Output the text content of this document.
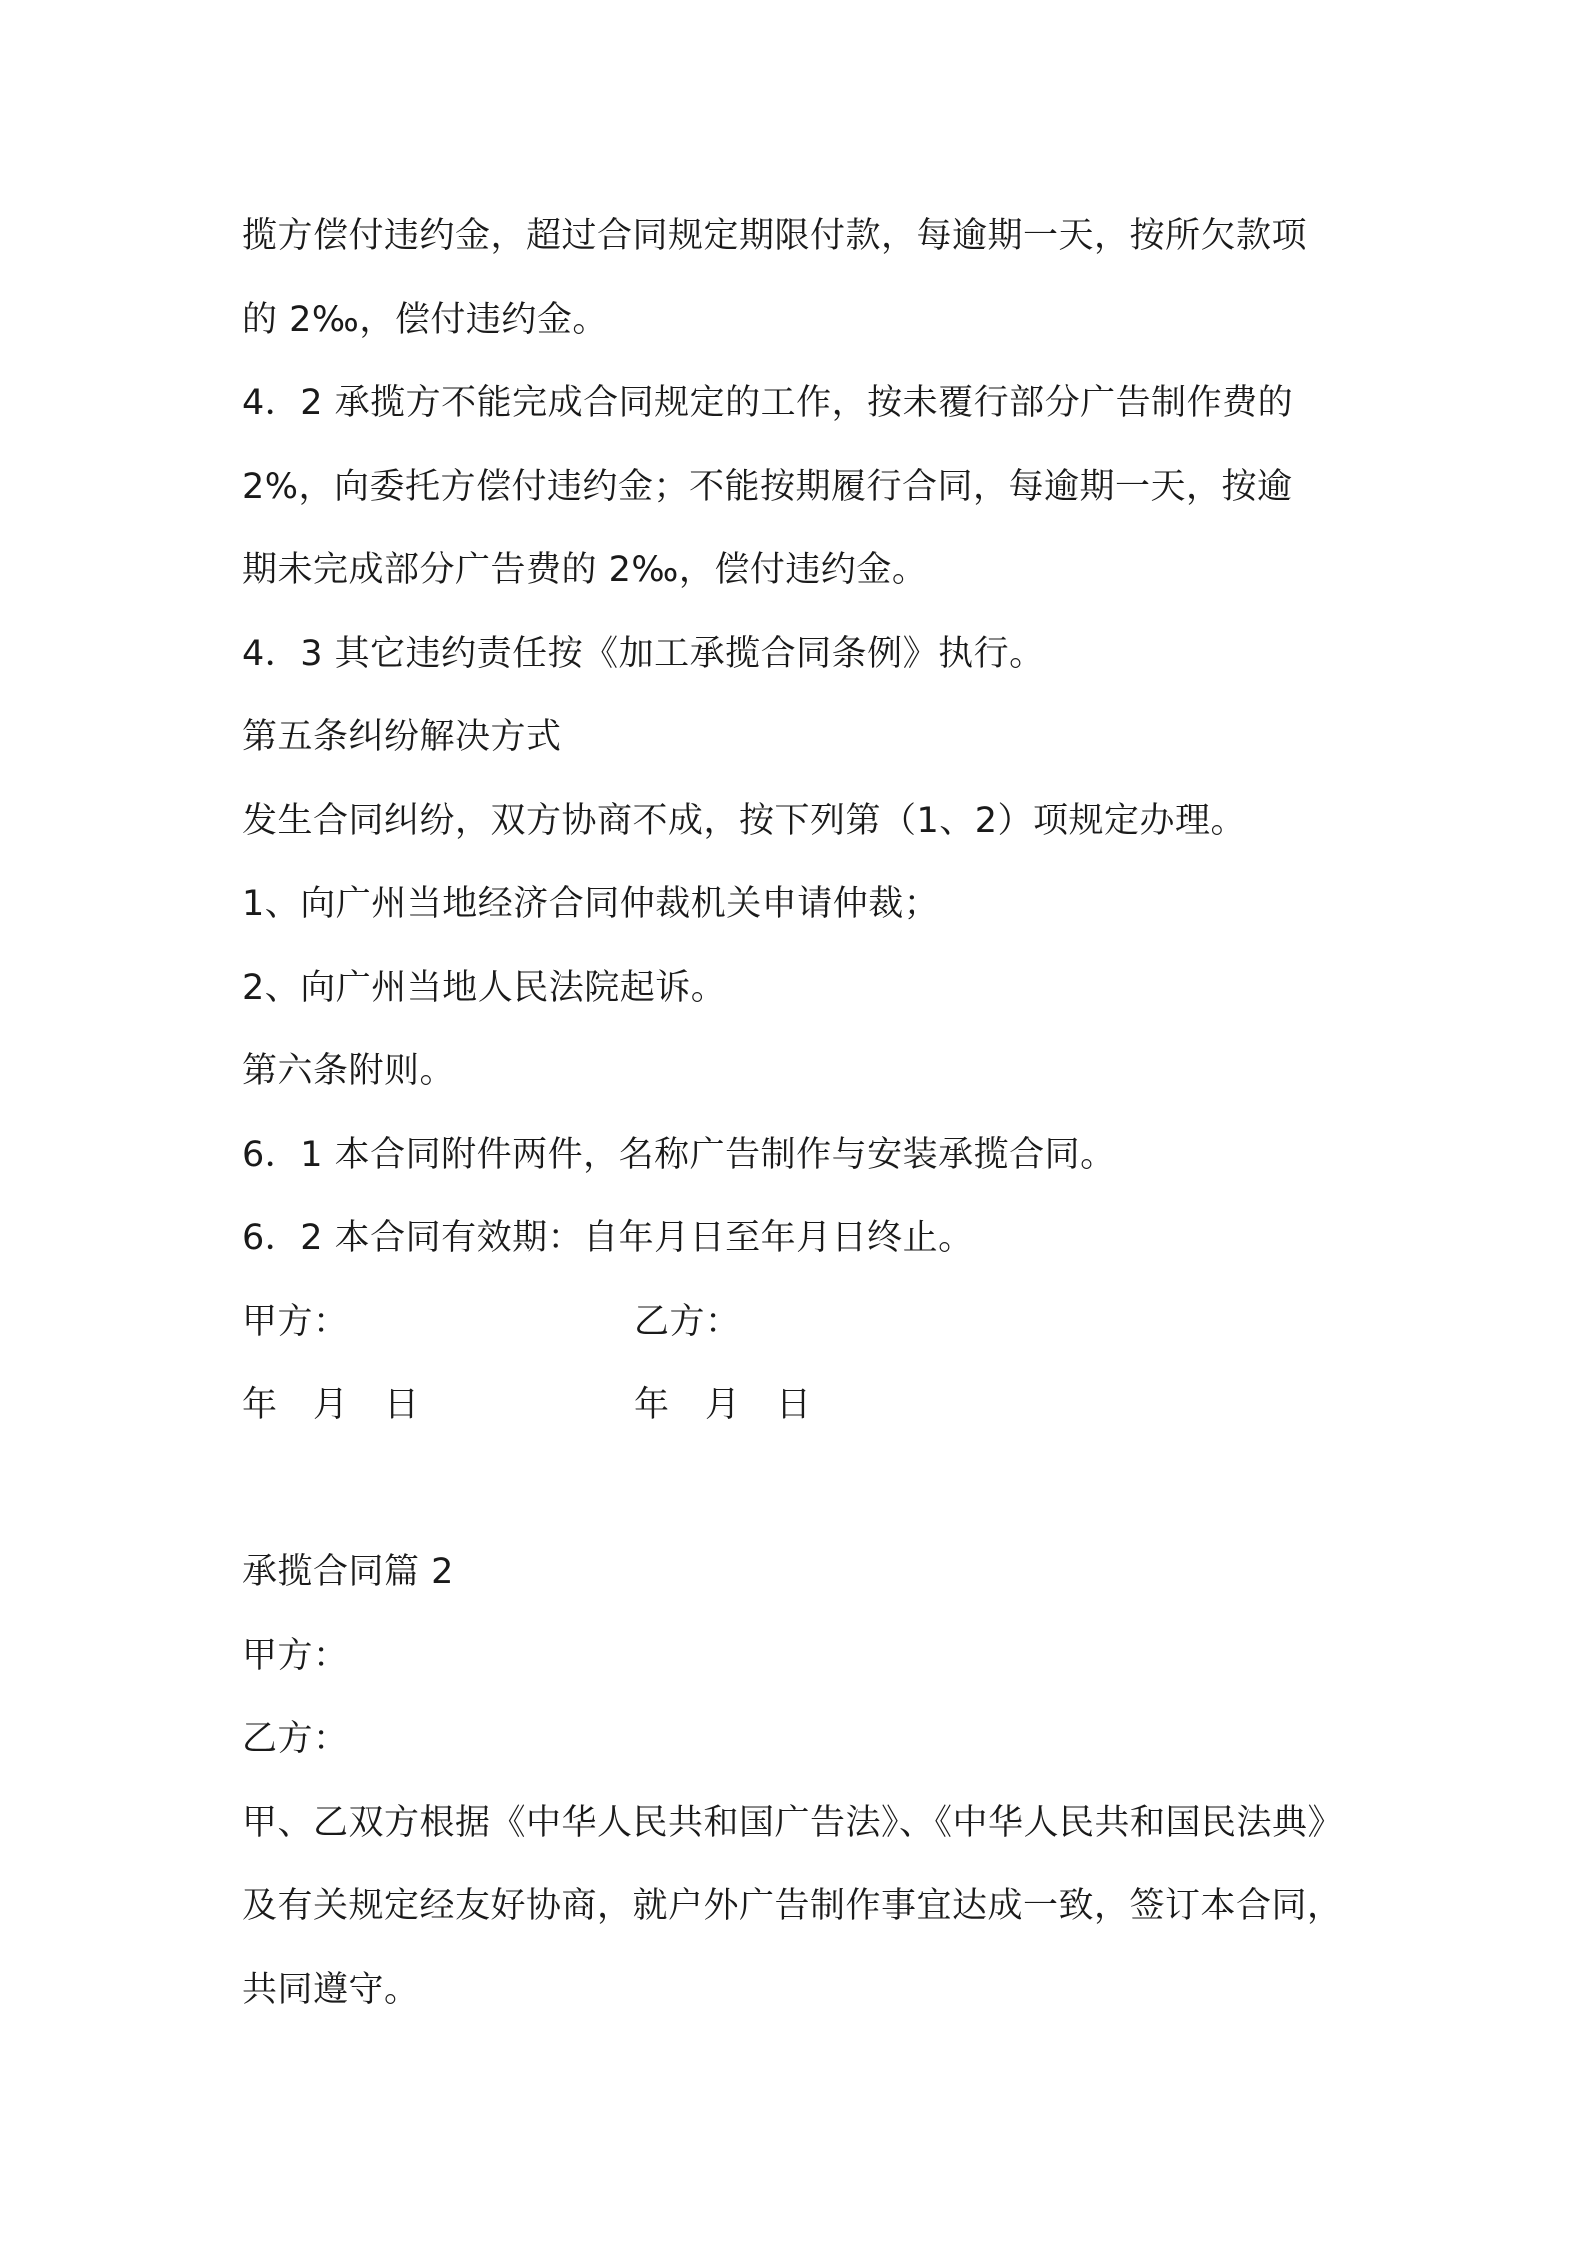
揽方偿付违约金，超过合同规定期限付款，每逾期一天，按所欠款项

的 2‰，偿付违约金。

4．2 承揽方不能完成合同规定的工作，按未覆行部分广告制作费的

2%，向委托方偿付违约金；不能按期履行合同，每逾期一天，按逾

期未完成部分广告费的 2‰，偿付违约金。

4．3 其它违约责任按《加工承揽合同条例》执行。

第五条纠纷解决方式

发生合同纠纷，双方协商不成，按下列第（1、2）项规定办理。

1、向广州当地经济合同仲裁机关申请仲裁；

2、向广州当地人民法院起诉。

第六条附则。

6．1 本合同附件两件，名称广告制作与安装承揽合同。

6．2 本合同有效期：自年月日至年月日终止。

甲方：	乙方：
年　月　日	年　月　日

承揽合同篇 2

甲方：

乙方：

甲、乙双方根据《中华人民共和国广告法》、《中华人民共和国民法典》

及有关规定经友好协商，就户外广告制作事宜达成一致，签订本合同，

共同遵守。
